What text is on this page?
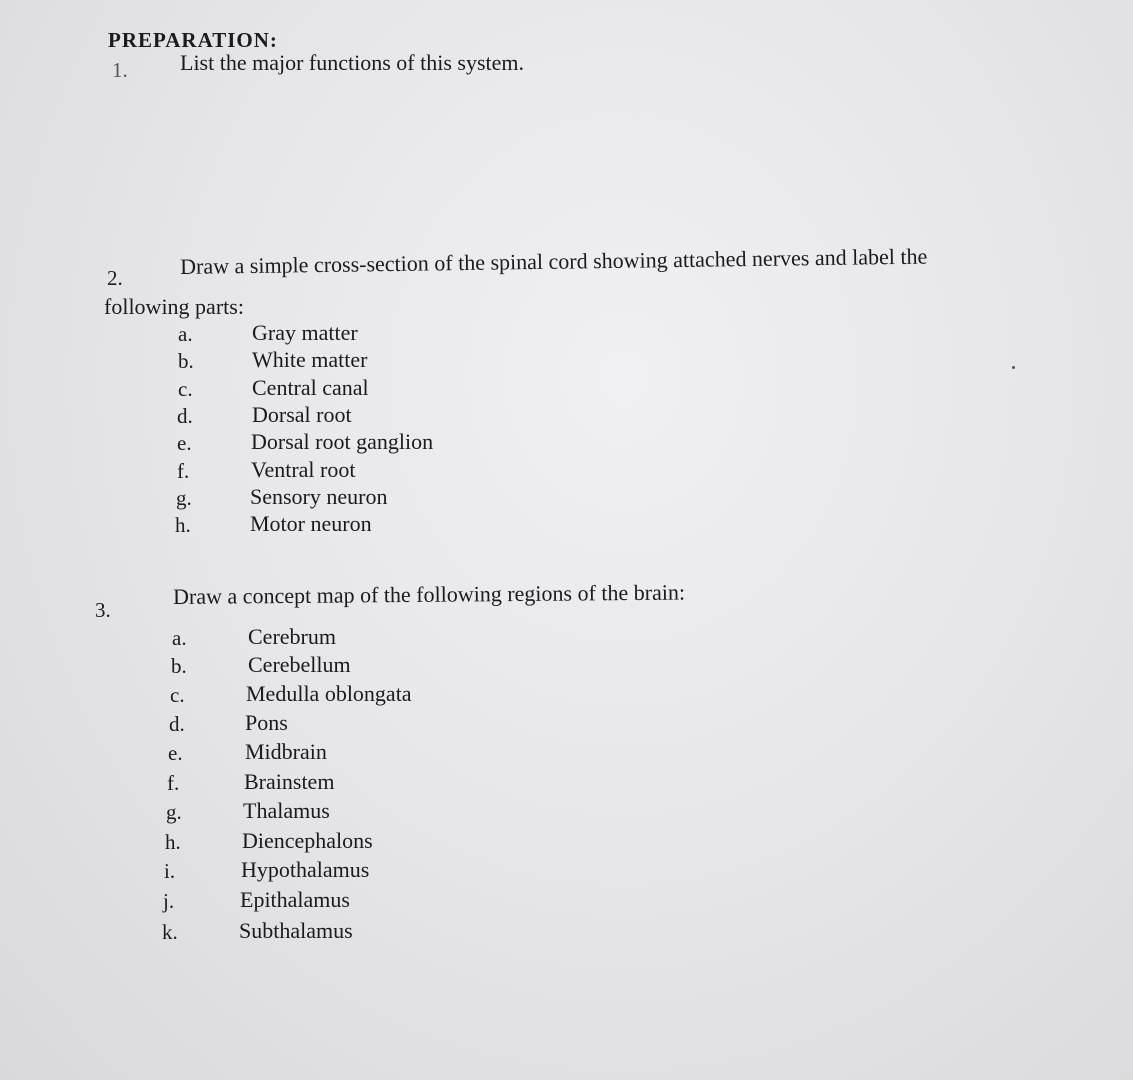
PREPARATION:
1. List the major functions of this system.
2.	Draw a simple cross-section of the spinal cord showing attached nerves and label the
following parts:
a.	Gray matter
b.	White matter
c.	Central canal
d.	Dorsal root
e.	Dorsal root ganglion
f.	Ventral root
g.	Sensory neuron
h.	Motor neuron
3.
Draw a concept map of the following regions of the brain:
a.	Cerebrum
b.	Cerebellum
c.	Medulla oblongata
d.	Pons
e.	Midbrain
f.	Brainstem
g.	Thalamus
h.	Diencephalons
i.	Hypothalamus
j.	Epithalamus
k.	Subthalamus
